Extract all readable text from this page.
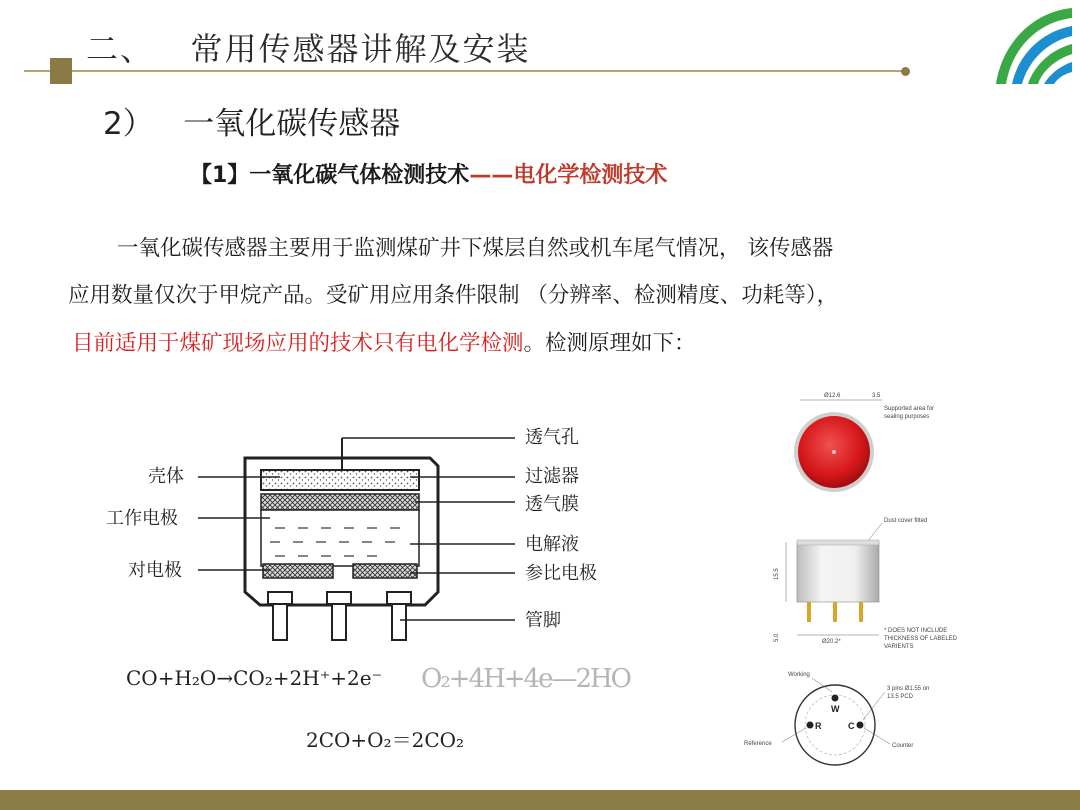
二、   常用传感器讲解及安装
2）   一氧化碳传感器
【1】一氧化碳气体检测技术——电化学检测技术
一氧化碳传感器主要用于监测煤矿井下煤层自然或机车尾气情况， 该传感器
应用数量仅次于甲烷产品。受矿用应用条件限制 （分辨率、检测精度、功耗等），
目前适用于煤矿现场应用的技术只有电化学检测。检测原理如下：
壳体
工作电极
对电极
透气孔
过滤器
透气膜
电解液
参比电极
管脚
CO+H₂O→CO₂+2H⁺+2e⁻ O₂+4H+4e—2HO
2CO+O₂＝2CO₂
Ø12.6	3.5
Supported area for
sealing purposes
Dust cover fitted
15.5
5.0	Ø20.2*
* DOES NOT INCLUDE
THICKNESS OF LABELED
VARIENTS
Working
W
R	C
Reference	Counter
3 pins Ø1.55 on
13.5 PCD
